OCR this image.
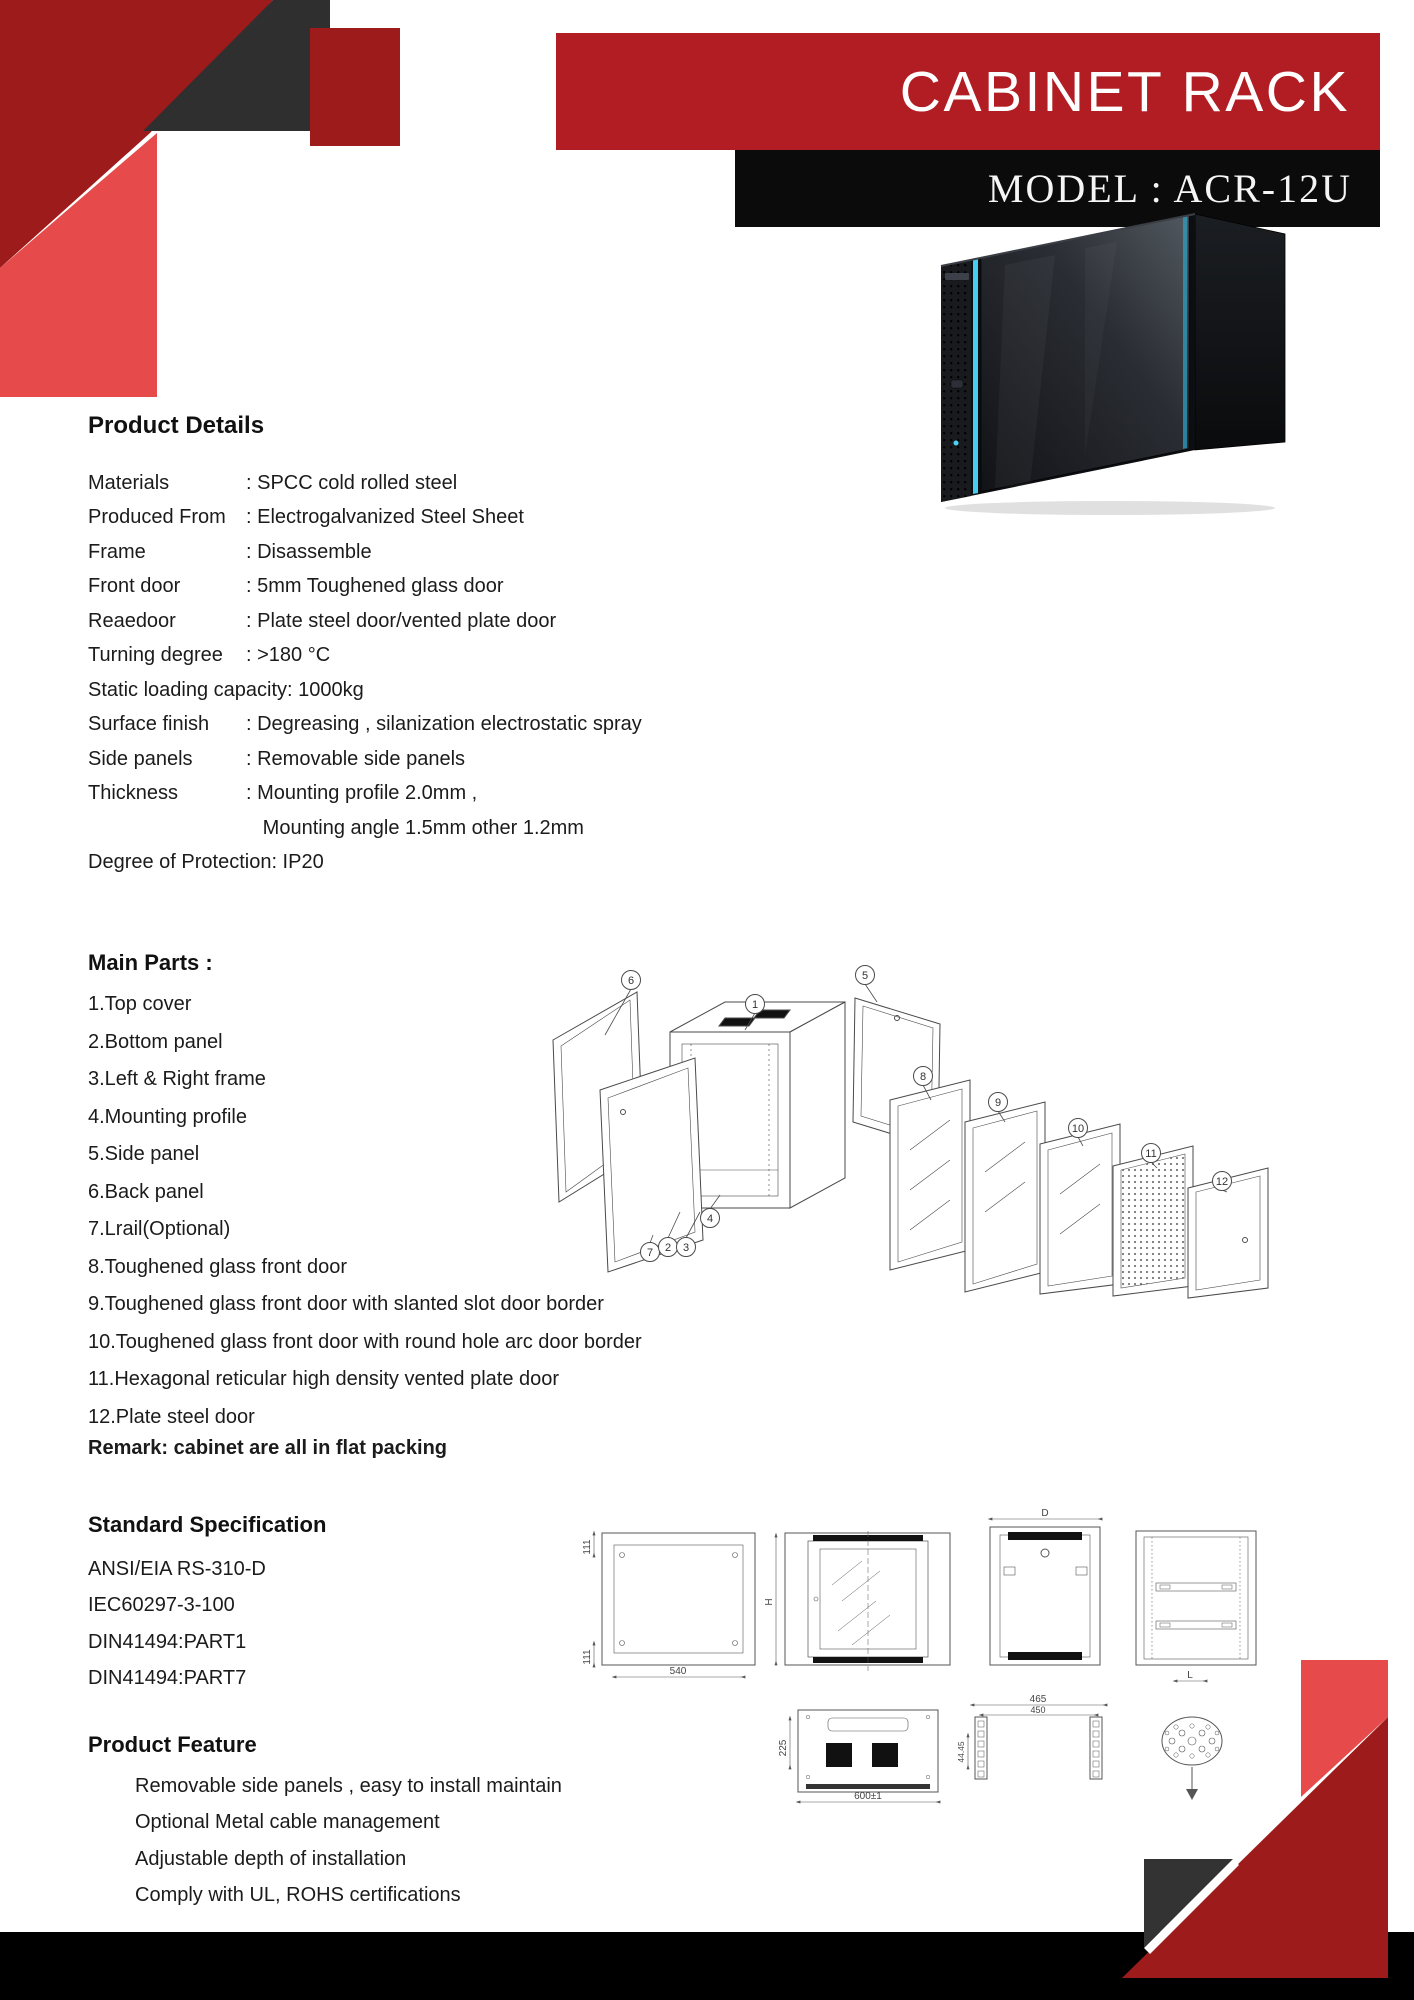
CABINET RACK
MODEL : ACR-12U
Product Details
Materials	: SPCC cold rolled steel
Produced From	: Electrogalvanized Steel Sheet
Frame	: Disassemble
Front door	: 5mm Toughened glass door
Reaedoor	: Plate steel door/vented plate door
Turning degree	: >180 °C
Static loading capacity : 1000kg
Surface finish	: Degreasing , silanization electrostatic spray
Side panels	: Removable side panels
Thickness	: Mounting profile 2.0mm ,
Mounting angle 1.5mm other 1.2mm
Degree of Protection : IP20
Main Parts :
1.Top cover
2.Bottom panel
3.Left & Right frame
4.Mounting profile
5.Side panel
6.Back panel
7.Lrail(Optional)
8.Toughened glass front door
9.Toughened glass front door with slanted slot door border
10.Toughened glass front door with round hole arc door border
11.Hexagonal reticular high density vented plate door
12.Plate steel door
Remark: cabinet are all in flat packing
6
1
5
8
9
10
11
12
7 2 3
4
Standard Specification
ANSI/EIA RS-310-D
IEC60297-3-100
DIN41494:PART1
DIN41494:PART7
111
111
540
H
D
L
225
600±1
465
450
44.45
Product Feature
Removable side panels , easy to install maintain
Optional Metal cable management
Adjustable depth of installation
Comply with UL, ROHS certifications
